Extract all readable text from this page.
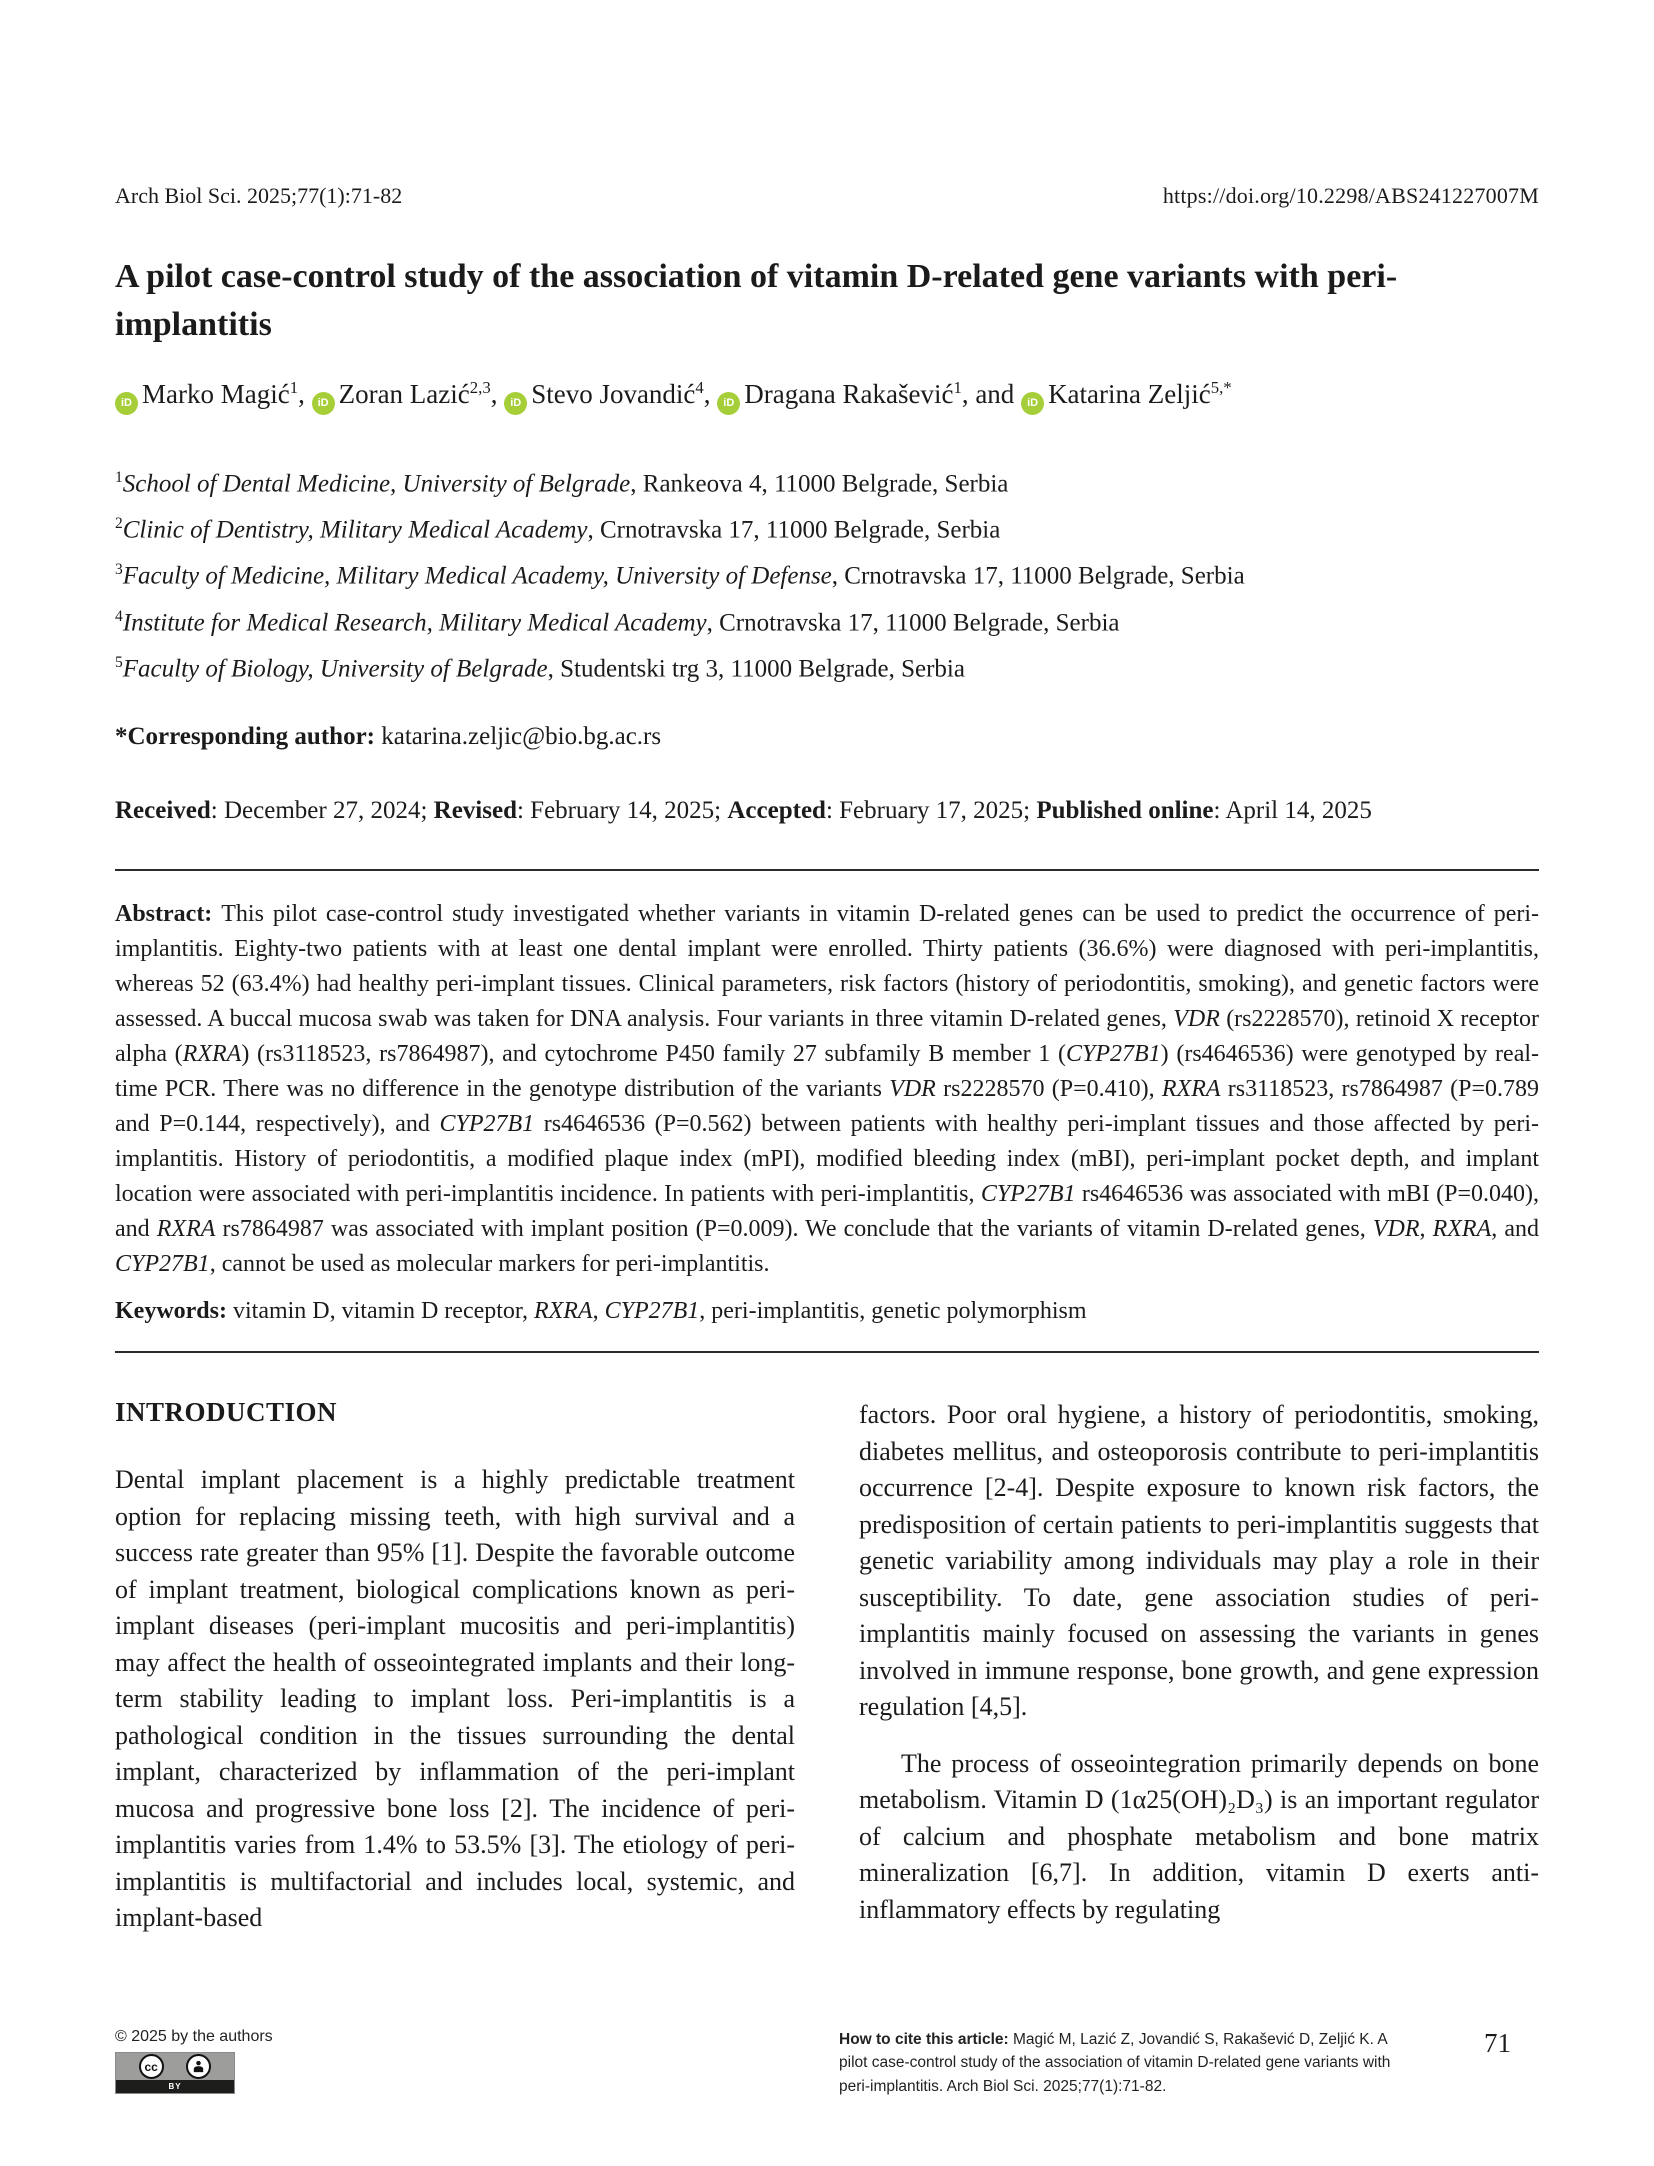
Arch Biol Sci. 2025;77(1):71-82	https://doi.org/10.2298/ABS241227007M
A pilot case-control study of the association of vitamin D-related gene variants with peri-implantitis

iD Marko Magić$^1$, iD Zoran Lazić$^{2,3}$, iD Stevo Jovandić$^4$, iD Dragana Rakašević$^1$, and iD Katarina Zeljić$^{5,*}$

$^1$School of Dental Medicine, University of Belgrade, Rankeova 4, 11000 Belgrade, Serbia

$^2$Clinic of Dentistry, Military Medical Academy, Crnotravska 17, 11000 Belgrade, Serbia

$^3$Faculty of Medicine, Military Medical Academy, University of Defense, Crnotravska 17, 11000 Belgrade, Serbia

$^4$Institute for Medical Research, Military Medical Academy, Crnotravska 17, 11000 Belgrade, Serbia

$^5$Faculty of Biology, University of Belgrade, Studentski trg 3, 11000 Belgrade, Serbia

*Corresponding author: katarina.zeljic@bio.bg.ac.rs

Received: December 27, 2024; Revised: February 14, 2025; Accepted: February 17, 2025; Published online: April 14, 2025

Abstract: This pilot case-control study investigated whether variants in vitamin D-related genes can be used to predict the occurrence of peri-implantitis. Eighty-two patients with at least one dental implant were enrolled. Thirty patients (36.6%) were diagnosed with peri-implantitis, whereas 52 (63.4%) had healthy peri-implant tissues. Clinical parameters, risk factors (history of periodontitis, smoking), and genetic factors were assessed. A buccal mucosa swab was taken for DNA analysis. Four variants in three vitamin D-related genes, VDR (rs2228570), retinoid X receptor alpha (RXRA) (rs3118523, rs7864987), and cytochrome P450 family 27 subfamily B member 1 (CYP27B1) (rs4646536) were genotyped by real-time PCR. There was no difference in the genotype distribution of the variants VDR rs2228570 (P=0.410), RXRA rs3118523, rs7864987 (P=0.789 and P=0.144, respectively), and CYP27B1 rs4646536 (P=0.562) between patients with healthy peri-implant tissues and those affected by peri-implantitis. History of periodontitis, a modified plaque index (mPI), modified bleeding index (mBI), peri-implant pocket depth, and implant location were associated with peri-implantitis incidence. In patients with peri-implantitis, CYP27B1 rs4646536 was associated with mBI (P=0.040), and RXRA rs7864987 was associated with implant position (P=0.009). We conclude that the variants of vitamin D-related genes, VDR, RXRA, and CYP27B1, cannot be used as molecular markers for peri-implantitis.

Keywords: vitamin D, vitamin D receptor, RXRA, CYP27B1, peri-implantitis, genetic polymorphism

INTRODUCTION

Dental implant placement is a highly predictable treatment option for replacing missing teeth, with high survival and a success rate greater than 95% [1]. Despite the favorable outcome of implant treatment, biological complications known as peri-implant diseases (peri-implant mucositis and peri-implantitis) may affect the health of osseointegrated implants and their long-term stability leading to implant loss. Peri-implantitis is a pathological condition in the tissues surrounding the dental implant, characterized by inflammation of the peri-implant mucosa and progressive bone loss [2]. The incidence of peri-implantitis varies from 1.4% to 53.5% [3]. The etiology of peri-implantitis is multifactorial and includes local, systemic, and implant-based

factors. Poor oral hygiene, a history of periodontitis, smoking, diabetes mellitus, and osteoporosis contribute to peri-implantitis occurrence [2-4]. Despite exposure to known risk factors, the predisposition of certain patients to peri-implantitis suggests that genetic variability among individuals may play a role in their susceptibility. To date, gene association studies of peri-implantitis mainly focused on assessing the variants in genes involved in immune response, bone growth, and gene expression regulation [4,5].

The process of osseointegration primarily depends on bone metabolism. Vitamin D (1α25(OH)₂D₃) is an important regulator of calcium and phosphate metabolism and bone matrix mineralization [6,7]. In addition, vitamin D exerts anti-inflammatory effects by regulating

© 2025 by the authors

cc
BY

How to cite this article: Magić M, Lazić Z, Jovandić S, Rakašević D, Zeljić K. A pilot case-control study of the association of vitamin D-related gene variants with peri-implantitis. Arch Biol Sci. 2025;77(1):71-82.

71
